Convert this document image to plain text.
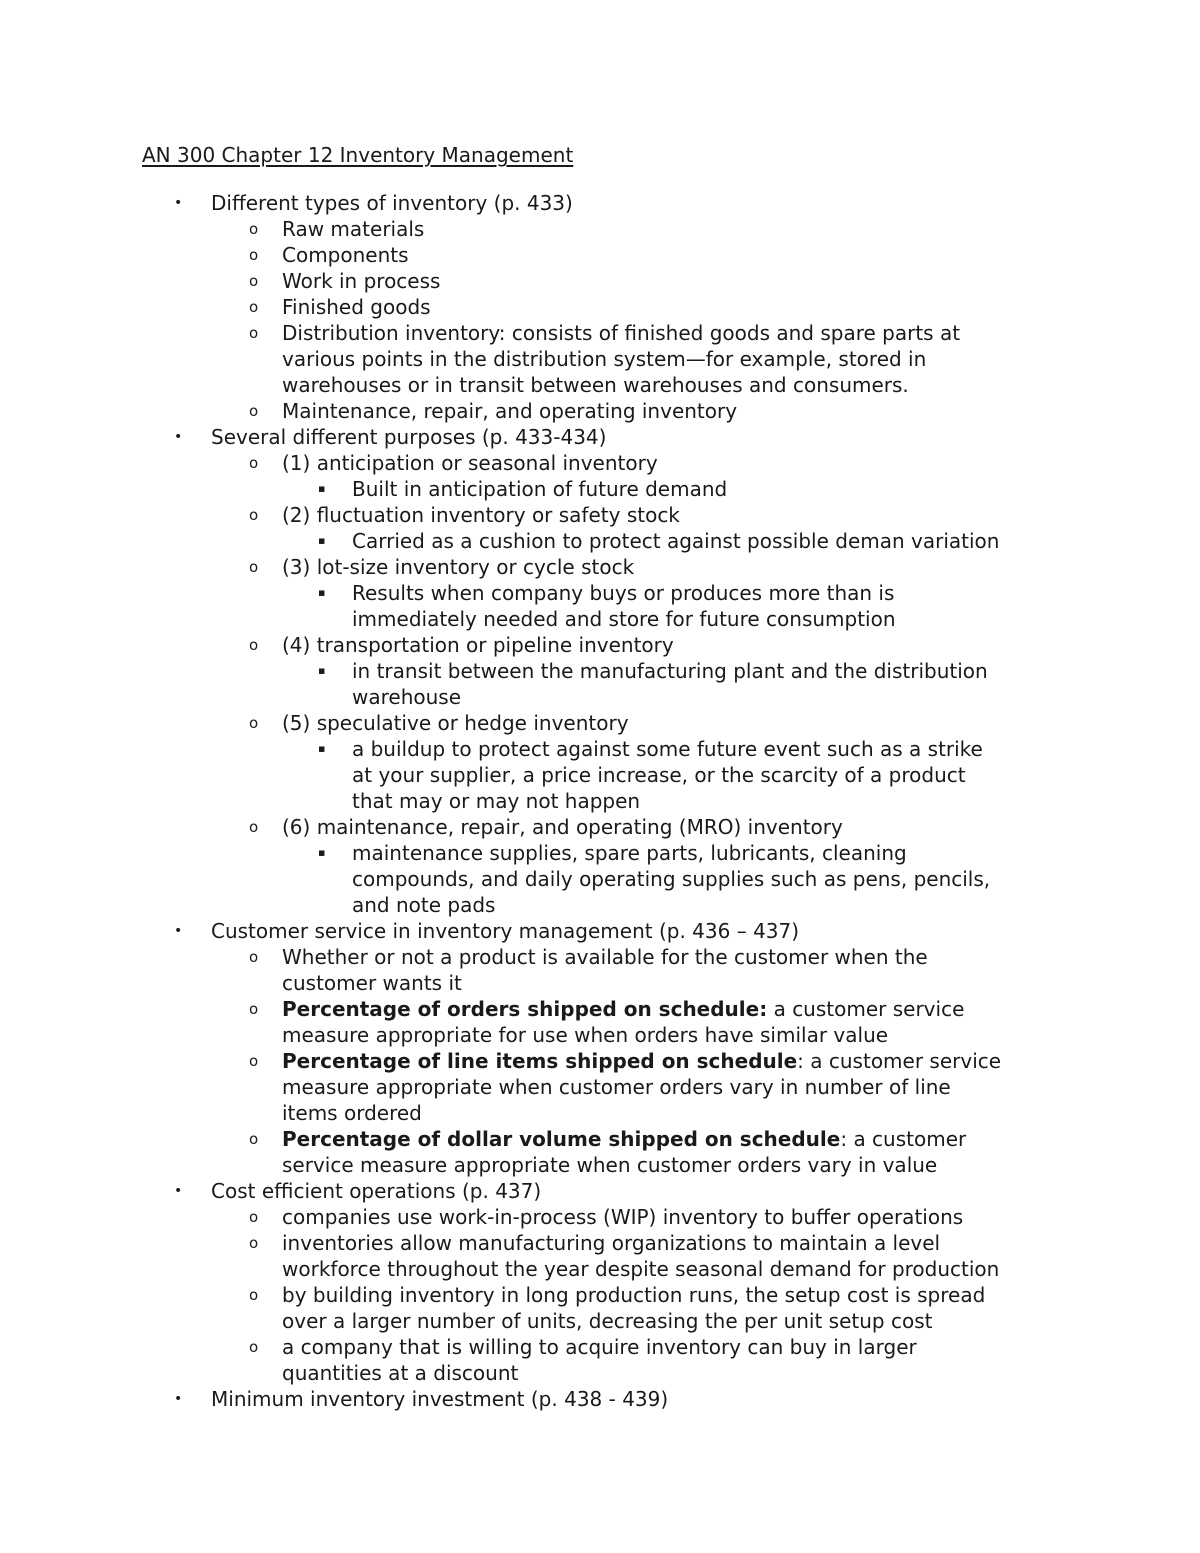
AN 300 Chapter 12 Inventory Management
• Different types of inventory (p. 433)
o Raw materials
o Components
o Work in process
o Finished goods
o Distribution inventory: consists of finished goods and spare parts at
various points in the distribution system—for example, stored in
warehouses or in transit between warehouses and consumers.
o Maintenance, repair, and operating inventory
• Several different purposes (p. 433-434)
o (1) anticipation or seasonal inventory
▪ Built in anticipation of future demand
o (2) fluctuation inventory or safety stock
▪ Carried as a cushion to protect against possible deman variation
o (3) lot-size inventory or cycle stock
▪ Results when company buys or produces more than is
immediately needed and store for future consumption
o (4) transportation or pipeline inventory
▪ in transit between the manufacturing plant and the distribution
warehouse
o (5) speculative or hedge inventory
▪ a buildup to protect against some future event such as a strike
at your supplier, a price increase, or the scarcity of a product
that may or may not happen
o (6) maintenance, repair, and operating (MRO) inventory
▪ maintenance supplies, spare parts, lubricants, cleaning
compounds, and daily operating supplies such as pens, pencils,
and note pads
• Customer service in inventory management (p. 436 – 437)
o Whether or not a product is available for the customer when the
customer wants it
o Percentage of orders shipped on schedule: a customer service
measure appropriate for use when orders have similar value
o Percentage of line items shipped on schedule: a customer service
measure appropriate when customer orders vary in number of line
items ordered
o Percentage of dollar volume shipped on schedule: a customer
service measure appropriate when customer orders vary in value
• Cost efficient operations (p. 437)
o companies use work-in-process (WIP) inventory to buffer operations
o inventories allow manufacturing organizations to maintain a level
workforce throughout the year despite seasonal demand for production
o by building inventory in long production runs, the setup cost is spread
over a larger number of units, decreasing the per unit setup cost
o a company that is willing to acquire inventory can buy in larger
quantities at a discount
• Minimum inventory investment (p. 438 - 439)
